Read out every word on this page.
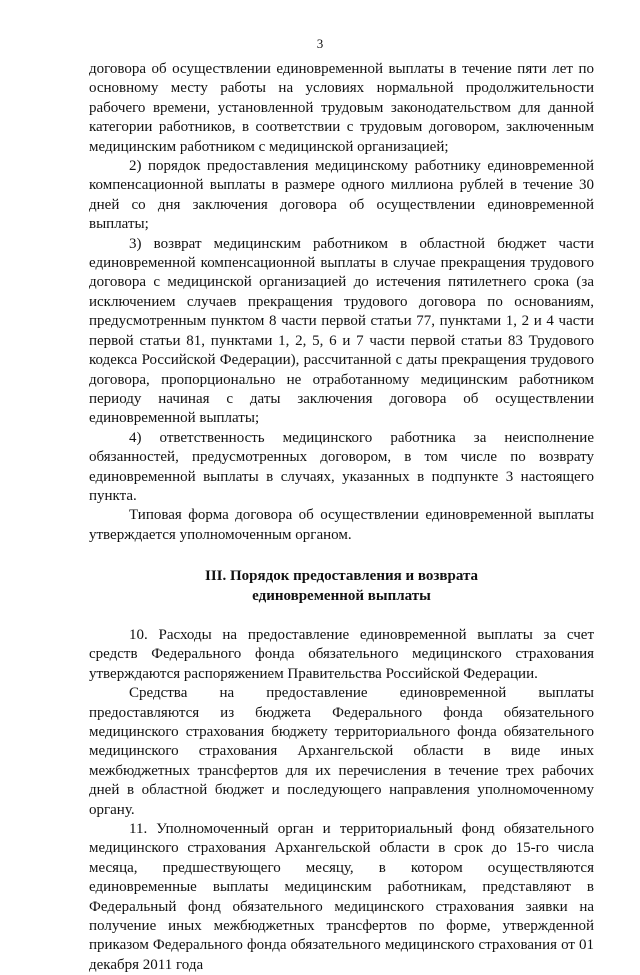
3

договора об осуществлении единовременной выплаты в течение пяти лет по основному месту работы на условиях нормальной продолжительности рабочего времени, установленной трудовым законодательством для данной категории работников, в соответствии с трудовым договором, заключенным медицинским работником с медицинской организацией;

2) порядок предоставления медицинскому работнику единовременной компенсационной выплаты в размере одного миллиона рублей в течение 30 дней со дня заключения договора об осуществлении единовременной выплаты;

3) возврат медицинским работником в областной бюджет части единовременной компенсационной выплаты в случае прекращения трудового договора с медицинской организацией до истечения пятилетнего срока (за исключением случаев прекращения трудового договора по основаниям, предусмотренным пунктом 8 части первой статьи 77, пунктами 1, 2 и 4 части первой статьи 81, пунктами 1, 2, 5, 6 и 7 части первой статьи 83 Трудового кодекса Российской Федерации), рассчитанной с даты прекращения трудового договора, пропорционально не отработанному медицинским работником периоду начиная с даты заключения договора об осуществлении единовременной выплаты;

4) ответственность медицинского работника за неисполнение обязанностей, предусмотренных договором, в том числе по возврату единовременной выплаты в случаях, указанных в подпункте 3 настоящего пункта.

Типовая форма договора об осуществлении единовременной выплаты утверждается уполномоченным органом.

III. Порядок предоставления и возврата
единовременной выплаты

10. Расходы на предоставление единовременной выплаты за счет средств Федерального фонда обязательного медицинского страхования утверждаются распоряжением Правительства Российской Федерации.

Средства на предоставление единовременной выплаты предоставляются из бюджета Федерального фонда обязательного медицинского страхования бюджету территориального фонда обязательного медицинского страхования Архангельской области в виде иных межбюджетных трансфертов для их перечисления в течение трех рабочих дней в областной бюджет и последующего направления уполномоченному органу.

11. Уполномоченный орган и территориальный фонд обязательного медицинского страхования Архангельской области в срок до 15-го числа месяца, предшествующего месяцу, в котором осуществляются единовременные выплаты медицинским работникам, представляют в Федеральный фонд обязательного медицинского страхования заявки на получение иных межбюджетных трансфертов по форме, утвержденной приказом Федерального фонда обязательного медицинского страхования от 01 декабря 2011 года
